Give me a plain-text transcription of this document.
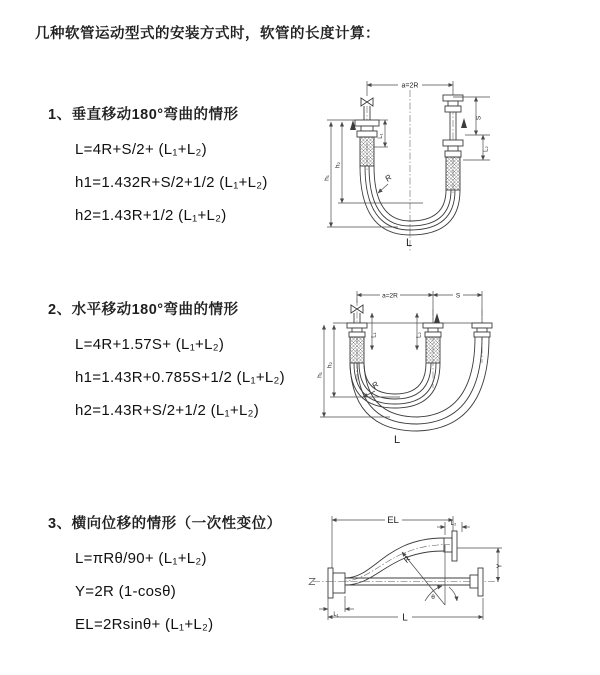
几种软管运动型式的安装方式时，软管的长度计算：
1、垂直移动180°弯曲的情形
L=4R+S/2+ (L₁+L₂)
h1=1.432R+S/2+1/2 (L₁+L₂)
h2=1.43R+1/2 (L₁+L₂)
2、水平移动180°弯曲的情形
L=4R+1.57S+ (L₁+L₂)
h1=1.43R+0.785S+1/2 (L₁+L₂)
h2=1.43R+S/2+1/2 (L₁+L₂)
3、横向位移的情形（一次性变位）
L=πRθ/90+ (L₁+L₂)
Y=2R (1-cosθ)
EL=2Rsinθ+ (L₁+L₂)
a=2R
h₁
h₂
L₁
S
L₂
R
L
a=2R	S
h₁
h₂
L₁	L₂
R
L
EL	L₂
Y
θ
R
L
L₁
